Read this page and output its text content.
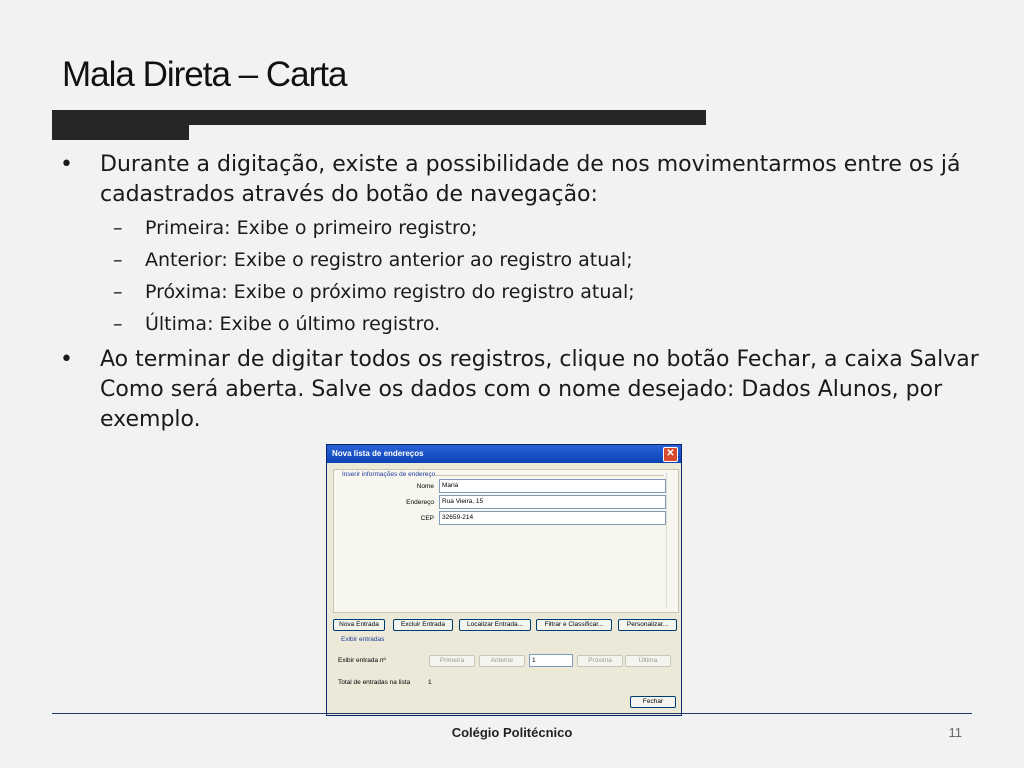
Mala Direta – Carta
•	Durante a digitação, existe a possibilidade de nos movimentarmos entre os já cadastrados através do botão de navegação:
– Primeira: Exibe o primeiro registro;
– Anterior: Exibe o registro anterior ao registro atual;
– Próxima: Exibe o próximo registro do registro atual;
– Última: Exibe o último registro.
•	Ao terminar de digitar todos os registros, clique no botão Fechar, a caixa Salvar Como será aberta. Salve os dados com o nome desejado: Dados Alunos, por exemplo.
Nova lista de endereços	✕
Inserir informações de endereço
Nome	Maria
Endereço	Rua Vieira, 15
CEP	32659-214
Nova Entrada	Excluir Entrada	Localizar Entrada...	Filtrar e Classificar...	Personalizar...
Exibir entradas
Exibir entrada nº	Primeira	Anterior	1	Próxima	Última
Total de entradas na lista	1
Fechar
Colégio Politécnico	11
